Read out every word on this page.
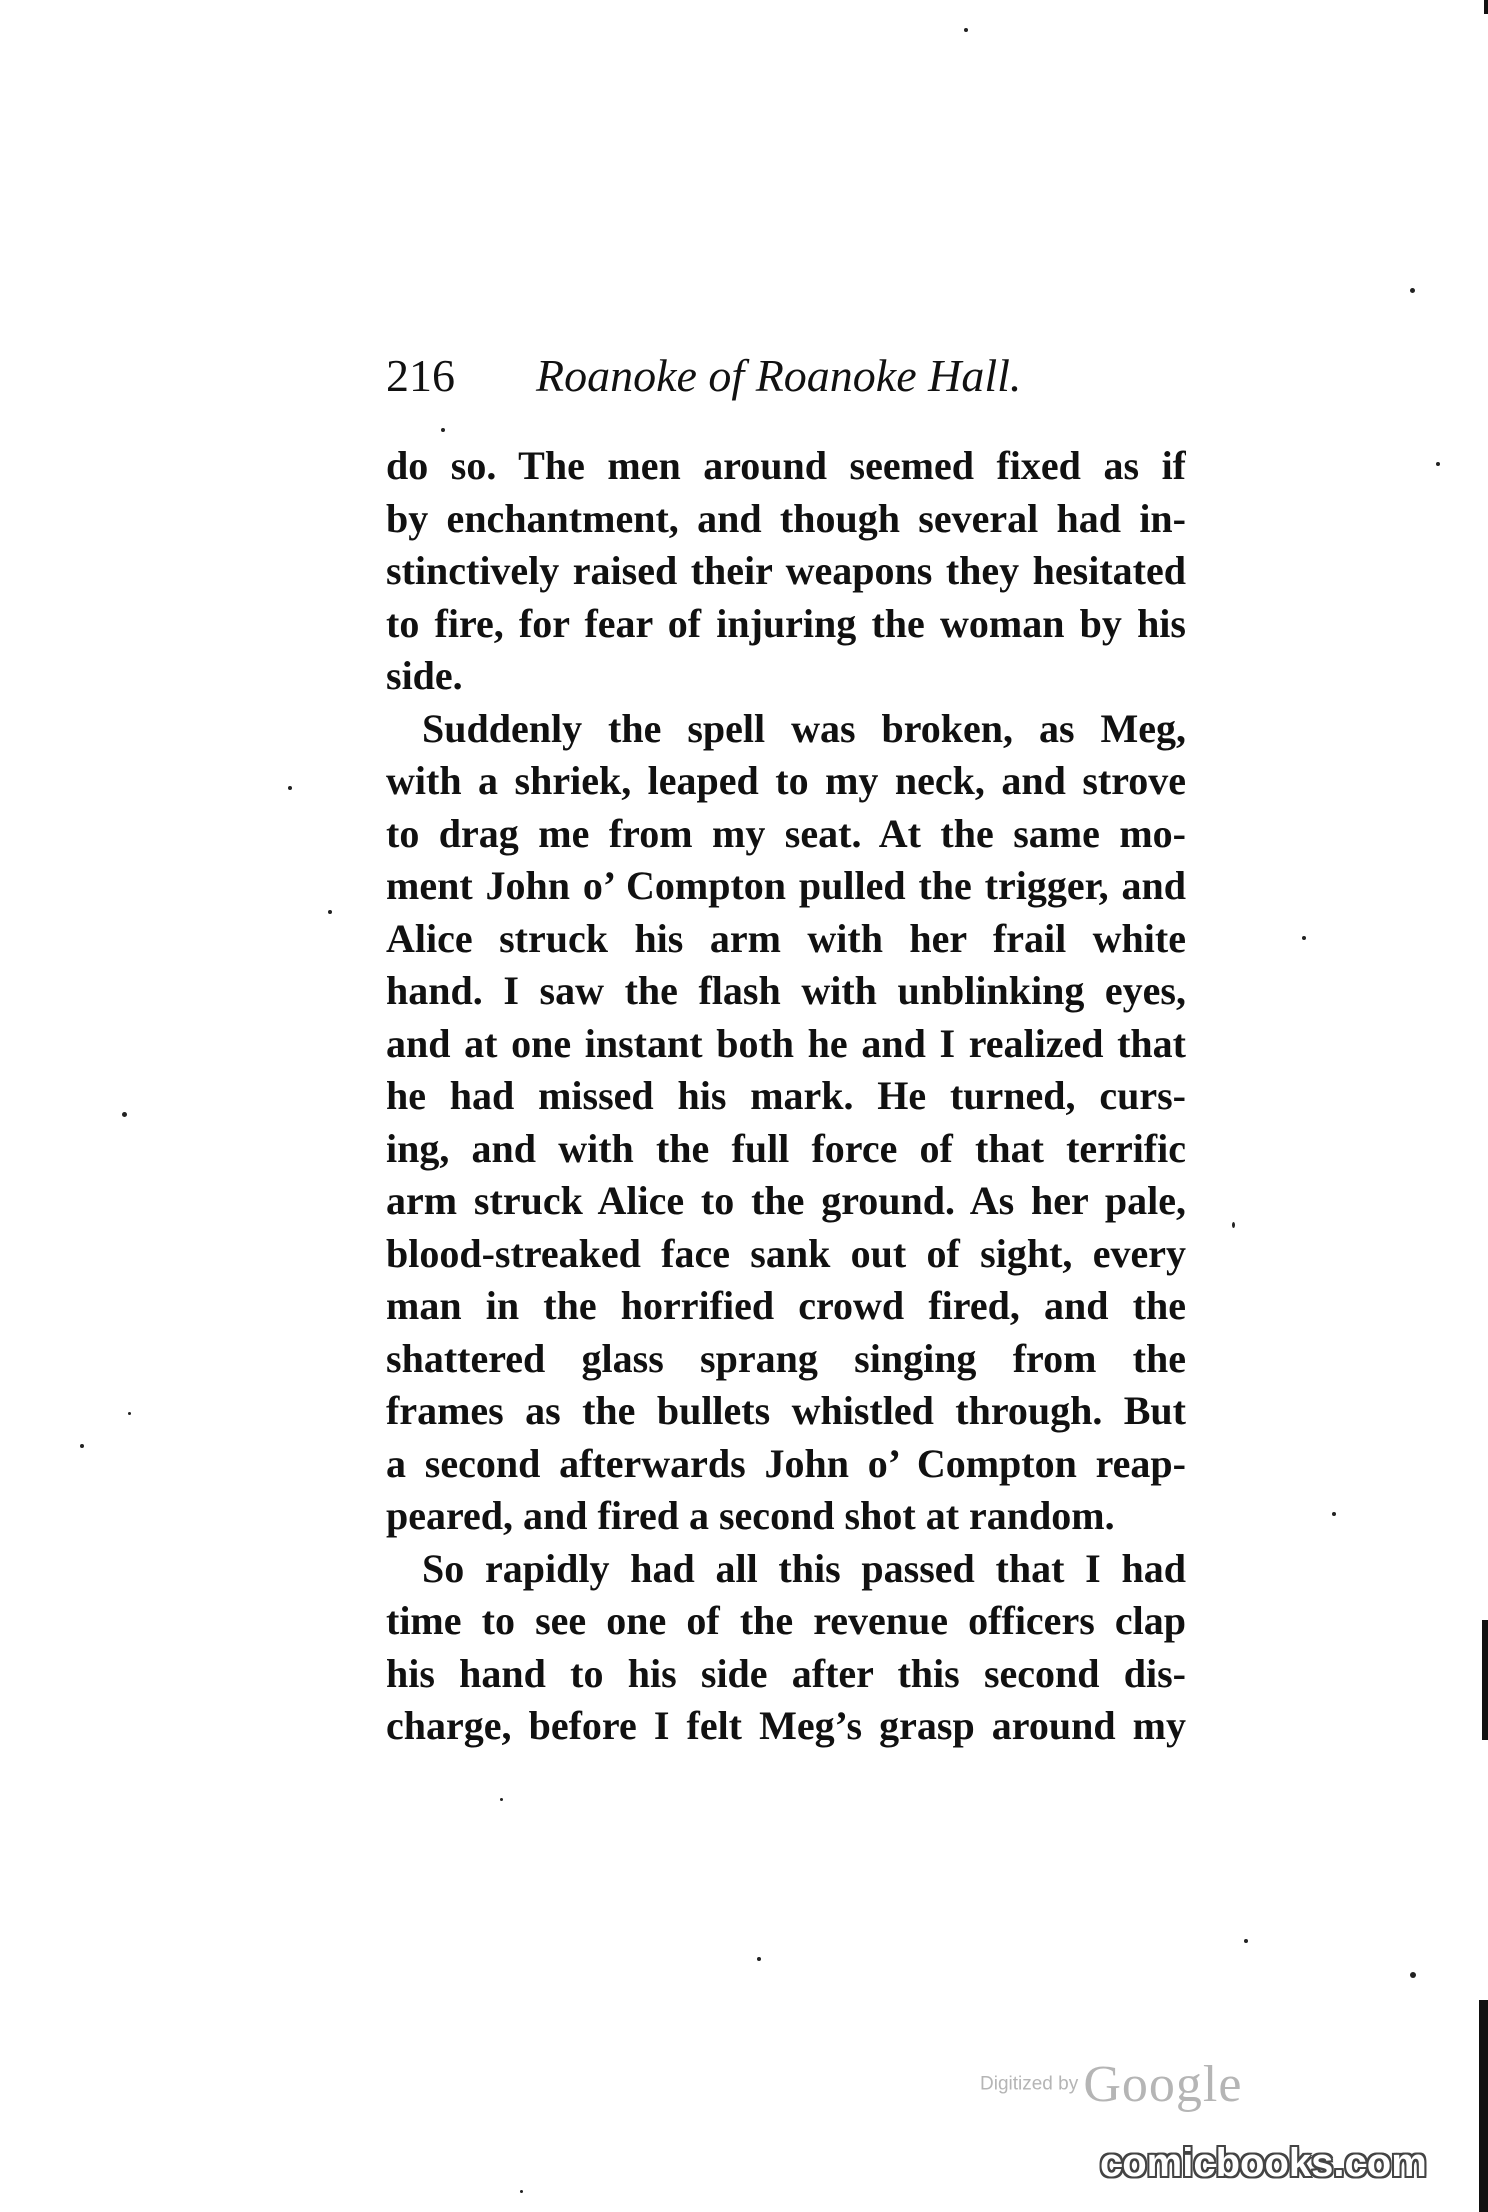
216 Roanoke of Roanoke Hall.
do so. The men around seemed fixed as if
by enchantment, and though several had in-
stinctively raised their weapons they hesitated
to fire, for fear of injuring the woman by his
side.
Suddenly the spell was broken, as Meg,
with a shriek, leaped to my neck, and strove
to drag me from my seat. At the same mo-
ment John o’ Compton pulled the trigger, and
Alice struck his arm with her frail white
hand. I saw the flash with unblinking eyes,
and at one instant both he and I realized that
he had missed his mark. He turned, curs-
ing, and with the full force of that terrific
arm struck Alice to the ground. As her pale,
blood-streaked face sank out of sight, every
man in the horrified crowd fired, and the
shattered glass sprang singing from the
frames as the bullets whistled through. But
a second afterwards John o’ Compton reap-
peared, and fired a second shot at random.
So rapidly had all this passed that I had
time to see one of the revenue officers clap
his hand to his side after this second dis-
charge, before I felt Meg’s grasp around my
Digitized by Google
comicbooks.com
